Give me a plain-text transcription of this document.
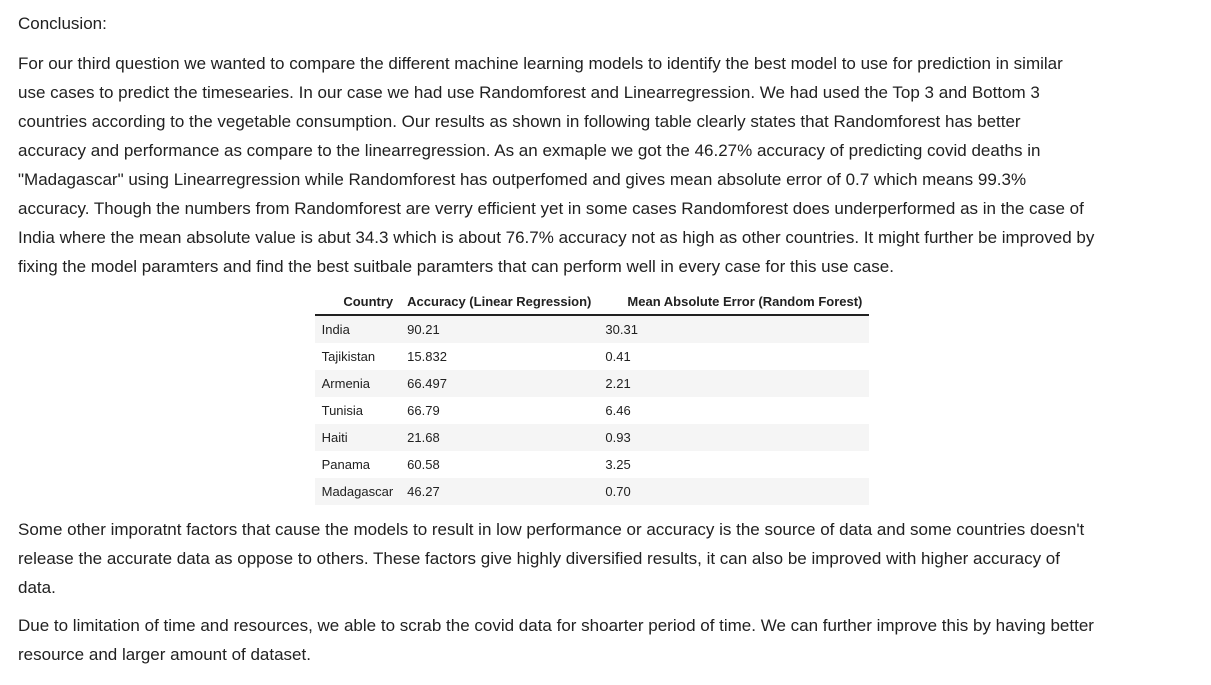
Conclusion:

For our third question we wanted to compare the different machine learning models to identify the best model to use for prediction in similar
use cases to predict the timesearies. In our case we had use Randomforest and Linearregression. We had used the Top 3 and Bottom 3
countries according to the vegetable consumption. Our results as shown in following table clearly states that Randomforest has better
accuracy and performance as compare to the linearregression. As an exmaple we got the 46.27% accuracy of predicting covid deaths in
"Madagascar" using Linearregression while Randomforest has outperfomed and gives mean absolute error of 0.7 which means 99.3%
accuracy. Though the numbers from Randomforest are verry efficient yet in some cases Randomforest does underperformed as in the case of
India where the mean absolute value is abut 34.3 which is about 76.7% accuracy not as high as other countries. It might further be improved by
fixing the model paramters and find the best suitbale paramters that can perform well in every case for this use case.

Country	Accuracy (Linear Regression)	Mean Absolute Error (Random Forest)
India	90.21	30.31
Tajikistan	15.832	0.41
Armenia	66.497	2.21
Tunisia	66.79	6.46
Haiti	21.68	0.93
Panama	60.58	3.25
Madagascar	46.27	0.70

Some other imporatnt factors that cause the models to result in low performance or accuracy is the source of data and some countries doesn't
release the accurate data as oppose to others. These factors give highly diversified results, it can also be improved with higher accuracy of
data.

Due to limitation of time and resources, we able to scrab the covid data for shoarter period of time. We can further improve this by having better
resource and larger amount of dataset.
